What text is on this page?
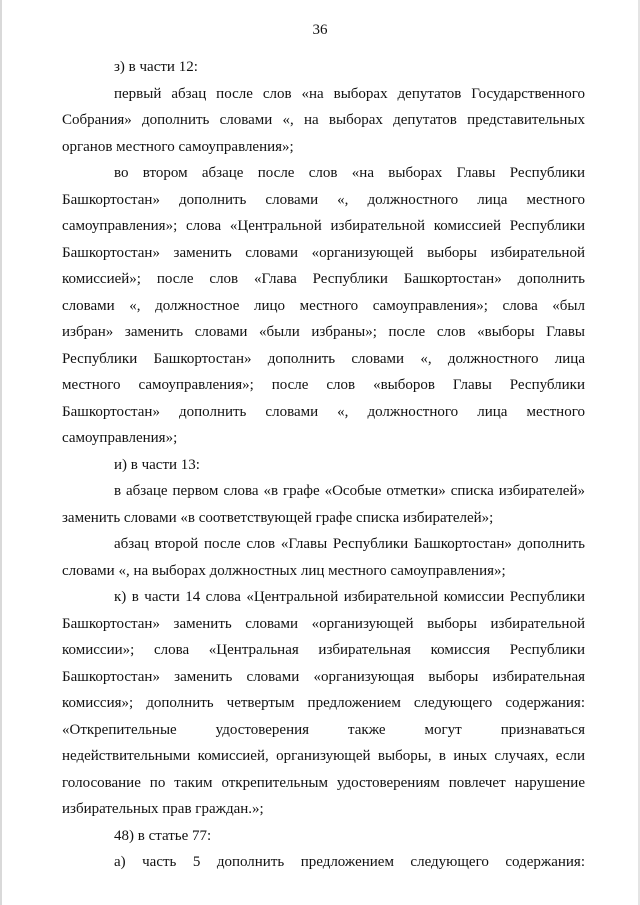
36
з) в части 12:
первый абзац после слов «на выборах депутатов Государственного
Собрания» дополнить словами «, на выборах депутатов представительных
органов местного самоуправления»;
во втором абзаце после слов «на выборах Главы Республики
Башкортостан» дополнить словами «, должностного лица местного
самоуправления»; слова «Центральной избирательной комиссией Республики
Башкортостан» заменить словами «организующей выборы избирательной
комиссией»; после слов «Глава Республики Башкортостан» дополнить
словами «, должностное лицо местного самоуправления»; слова «был
избран» заменить словами «были избраны»; после слов «выборы Главы
Республики Башкортостан» дополнить словами «, должностного лица
местного самоуправления»; после слов «выборов Главы Республики
Башкортостан» дополнить словами «, должностного лица местного
самоуправления»;
и) в части 13:
в абзаце первом слова «в графе «Особые отметки» списка избирателей»
заменить словами «в соответствующей графе списка избирателей»;
абзац второй после слов «Главы Республики Башкортостан» дополнить
словами «, на выборах должностных лиц местного самоуправления»;
к) в части 14 слова «Центральной избирательной комиссии Республики
Башкортостан» заменить словами «организующей выборы избирательной
комиссии»; слова «Центральная избирательная комиссия Республики
Башкортостан» заменить словами «организующая выборы избирательная
комиссия»; дополнить четвертым предложением следующего содержания:
«Открепительные удостоверения также могут признаваться
недействительными комиссией, организующей выборы, в иных случаях, если
голосование по таким открепительным удостоверениям повлечет нарушение
избирательных прав граждан.»;
48) в статье 77:
а) часть 5 дополнить предложением следующего содержания:
